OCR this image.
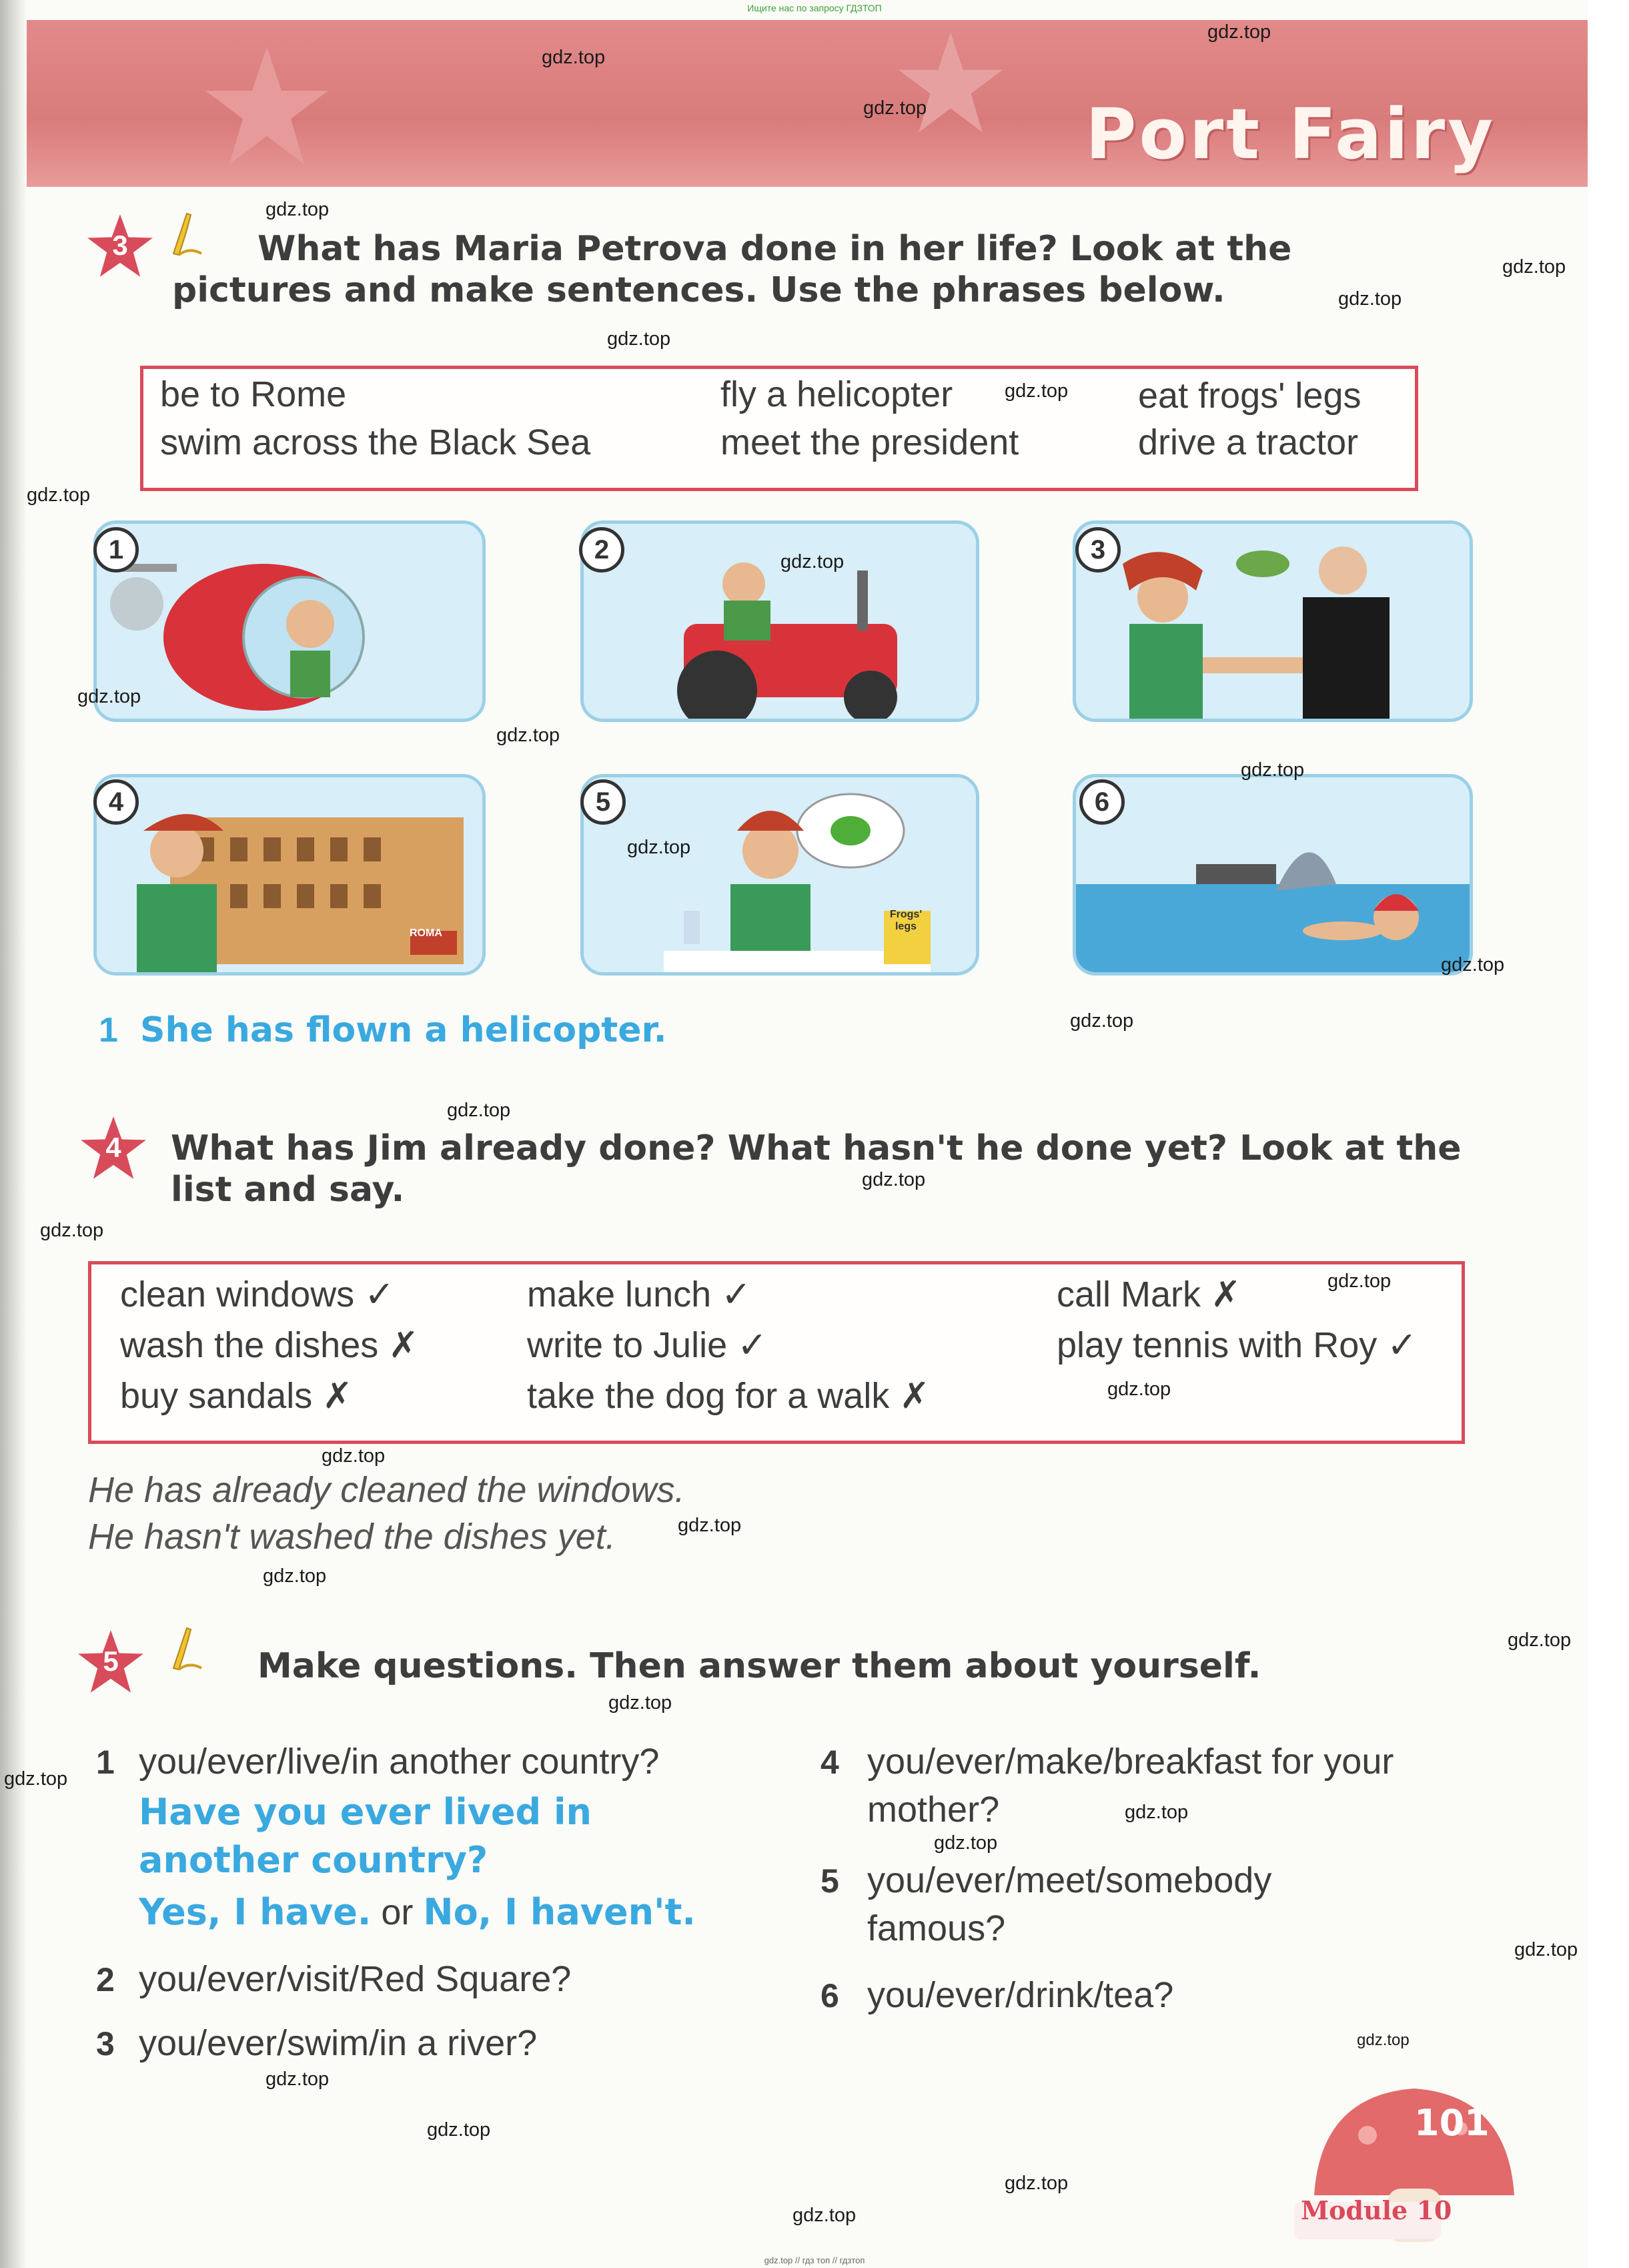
Ищите нас по запросу ГДЗТОП
Port Fairy
3	What has Maria Petrova done in her life? Look at the pictures and make sentences. Use the phrases below.
be to Rome	fly a helicopter	eat frogs' legs
swim across the Black Sea	meet the president	drive a tractor
1	2	3
ROMA
Frogs' legs
4	5	6
1 She has flown a helicopter.
4	What has Jim already done? What hasn't he done yet? Look at the list and say.
clean windows ✓	make lunch ✓	call Mark ✗
wash the dishes ✗	write to Julie ✓	play tennis with Roy ✓
buy sandals ✗	take the dog for a walk ✗
He has already cleaned the windows.
He hasn't washed the dishes yet.
5	Make questions. Then answer them about yourself.
1 you/ever/live/in another country?
Have you ever lived in another country?
Yes, I have. or No, I haven't.
2 you/ever/visit/Red Square?
3 you/ever/swim/in a river?
4 you/ever/make/breakfast for your mother?
5 you/ever/meet/somebody famous?
6 you/ever/drink/tea?
101
Module 10
gdz.top
gdz.top
gdz.top
gdz.top
gdz.top
gdz.top
gdz.top
gdz.top
gdz.top
gdz.top
gdz.top
gdz.top
gdz.top
gdz.top
gdz.top
gdz.top
gdz.top
gdz.top
gdz.top
gdz.top
gdz.top
gdz.top
gdz.top
gdz.top
gdz.top
gdz.top
gdz.top
gdz.top
gdz.top
gdz.top
gdz.top
gdz.top
gdz.top
gdz.top
gdz.top
gdz.top // гдз топ // гдзтоп
